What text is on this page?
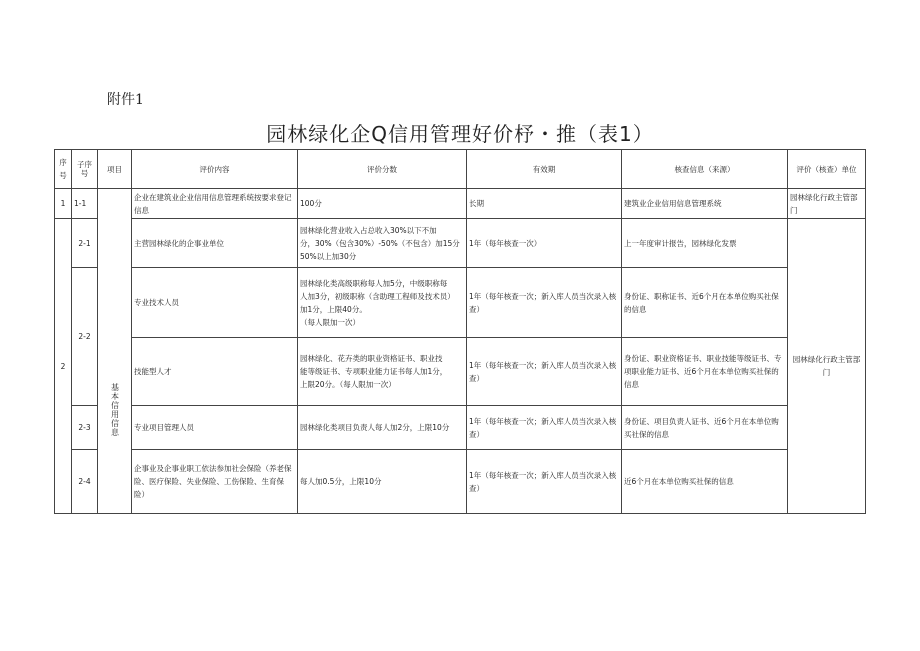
附件1
园林绿化企Q信用管理好价杼・推（表1）
序号	子序号	项目	评价内容	评价分数	有效期	核查信息（来源）	评价（核查）单位
1	1-1	基本信用信息	企业在建筑业企业信用信息管理系统按要求登记信息	100分	长期	建筑业企业信用信息管理系统	园林绿化行政主管部门
2	2-1		主营园林绿化的企事业单位	园林绿化营业收入占总收入30%以下不加
分，30%（包含30%）-50%（不包含）加15分
50%以上加30分	1年（每年核查一次）	上一年度审计报告，园林绿化发票	园林绿化行政主管部门
	2-2		专业技术人员	园林绿化类高级职称每人加5分，中级职称每
人加3分，初级职称（含助理工程师及技术员）
加1分，上限40分。
（每人限加一次）	1年（每年核查一次；新入库人员当次录入核查）	身份证、职称证书、近6个月在本单位购买社保的信息	
			技能型人才	园林绿化、花卉类的职业资格证书、职业技
能等级证书、专项职业能力证书每人加1分，
上限20分。（每人限加一次）	1年（每年核查一次；新入库人员当次录入核查）	身份证、职业资格证书、职业技能等级证书、专项职业能力证书、近6个月在本单位购买社保的信息	
	2-3		专业项目管理人员	园林绿化类项目负责人每人加2分，上限10分	1年（每年核查一次；新入库人员当次录入核查）	身份证、项目负责人证书、近6个月在本单位购买社保的信息	
	2-4		企事业及企事业职工依法参加社会保险（养老保险、医疗保险、失业保险、工伤保险、生育保险）	每人加0.5分，上限10分	1年（每年核查一次；新入库人员当次录入核查）	近6个月在本单位购买社保的信息	
